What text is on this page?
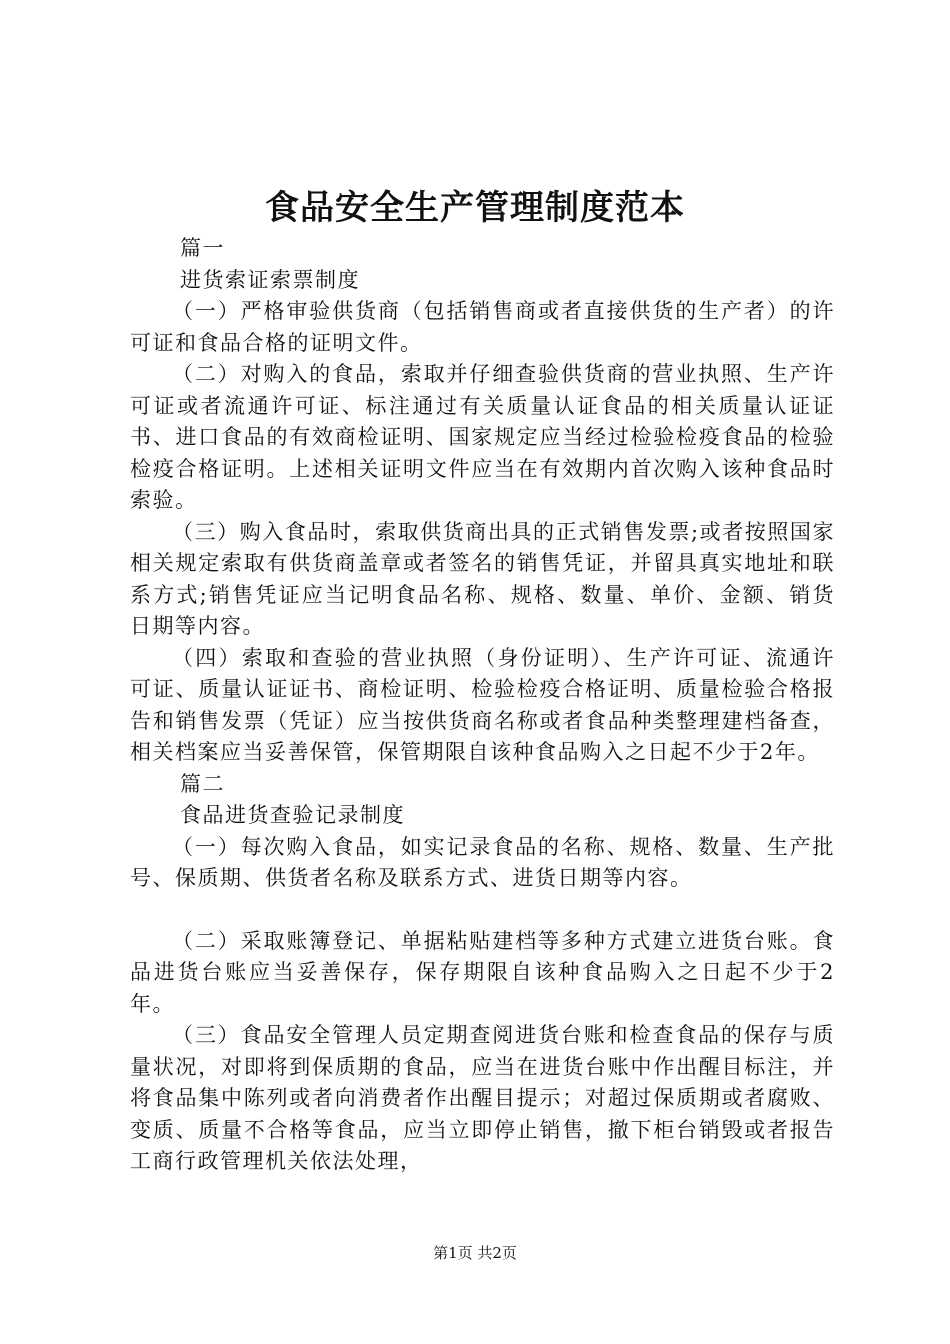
食品安全生产管理制度范本

篇一

进货索证索票制度

（一）严格审验供货商（包括销售商或者直接供货的生产者）的许可证和食品合格的证明文件。

（二）对购入的食品，索取并仔细查验供货商的营业执照、生产许可证或者流通许可证、标注通过有关质量认证食品的相关质量认证证书、进口食品的有效商检证明、国家规定应当经过检验检疫食品的检验检疫合格证明。上述相关证明文件应当在有效期内首次购入该种食品时索验。

（三）购入食品时，索取供货商出具的正式销售发票;或者按照国家相关规定索取有供货商盖章或者签名的销售凭证，并留具真实地址和联系方式;销售凭证应当记明食品名称、规格、数量、单价、金额、销货日期等内容。

（四）索取和查验的营业执照（身份证明）、生产许可证、流通许可证、质量认证证书、商检证明、检验检疫合格证明、质量检验合格报告和销售发票（凭证）应当按供货商名称或者食品种类整理建档备查，相关档案应当妥善保管，保管期限自该种食品购入之日起不少于2年。

篇二

食品进货查验记录制度

（一）每次购入食品，如实记录食品的名称、规格、数量、生产批号、保质期、供货者名称及联系方式、进货日期等内容。

（二）采取账簿登记、单据粘贴建档等多种方式建立进货台账。食品进货台账应当妥善保存，保存期限自该种食品购入之日起不少于2年。

（三）食品安全管理人员定期查阅进货台账和检查食品的保存与质量状况，对即将到保质期的食品，应当在进货台账中作出醒目标注，并将食品集中陈列或者向消费者作出醒目提示；对超过保质期或者腐败、变质、质量不合格等食品，应当立即停止销售，撤下柜台销毁或者报告工商行政管理机关依法处理，

第1页 共2页
